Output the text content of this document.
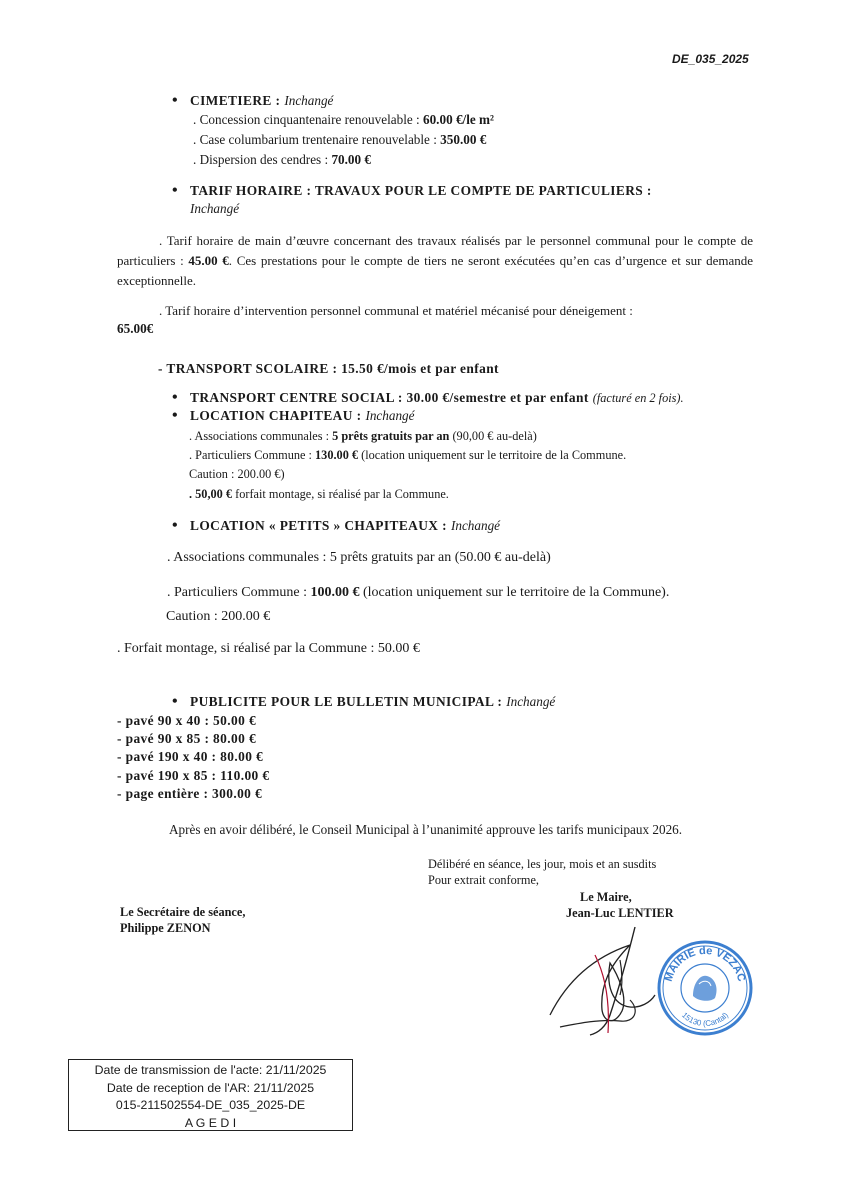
DE_035_2025
• CIMETIERE : Inchangé
. Concession cinquantenaire renouvelable : 60.00 €/le m²
. Case columbarium trentenaire renouvelable : 350.00 €
. Dispersion des cendres : 70.00 €
• TARIF HORAIRE : TRAVAUX POUR LE COMPTE DE PARTICULIERS :
Inchangé
. Tarif horaire de main d’œuvre concernant des travaux réalisés par le personnel communal pour le compte de particuliers : 45.00 €. Ces prestations pour le compte de tiers ne seront exécutées qu’en cas d’urgence et sur demande exceptionnelle.
. Tarif horaire d’intervention personnel communal et matériel mécanisé pour déneigement :
65.00€
- TRANSPORT SCOLAIRE : 15.50 €/mois et par enfant
• TRANSPORT CENTRE SOCIAL : 30.00 €/semestre et par enfant (facturé en 2 fois).
• LOCATION CHAPITEAU : Inchangé
. Associations communales : 5 prêts gratuits par an (90,00 € au-delà)
. Particuliers Commune : 130.00 € (location uniquement sur le territoire de la Commune.
Caution : 200.00 €)
. 50,00 € forfait montage, si réalisé par la Commune.
• LOCATION « PETITS » CHAPITEAUX : Inchangé
. Associations communales : 5 prêts gratuits par an (50.00 € au-delà)
. Particuliers Commune : 100.00 € (location uniquement sur le territoire de la Commune).
Caution : 200.00 €
. Forfait montage, si réalisé par la Commune : 50.00 €
• PUBLICITE POUR LE BULLETIN MUNICIPAL : Inchangé
- pavé 90 x 40 : 50.00 €
- pavé 90 x 85 : 80.00 €
- pavé 190 x 40 : 80.00 €
- pavé 190 x 85 : 110.00 €
- page entière : 300.00 €
Après en avoir délibéré, le Conseil Municipal à l’unanimité approuve les tarifs municipaux 2026.
Délibéré en séance, les jour, mois et an susdits
Pour extrait conforme,
Le Maire,
Jean-Luc LENTIER
Le Secrétaire de séance,
Philippe ZENON
MAIRIE de VEZAC
15130 (Cantal)
Date de transmission de l'acte: 21/11/2025
Date de reception de l'AR: 21/11/2025
015-211502554-DE_035_2025-DE
A G E D I
